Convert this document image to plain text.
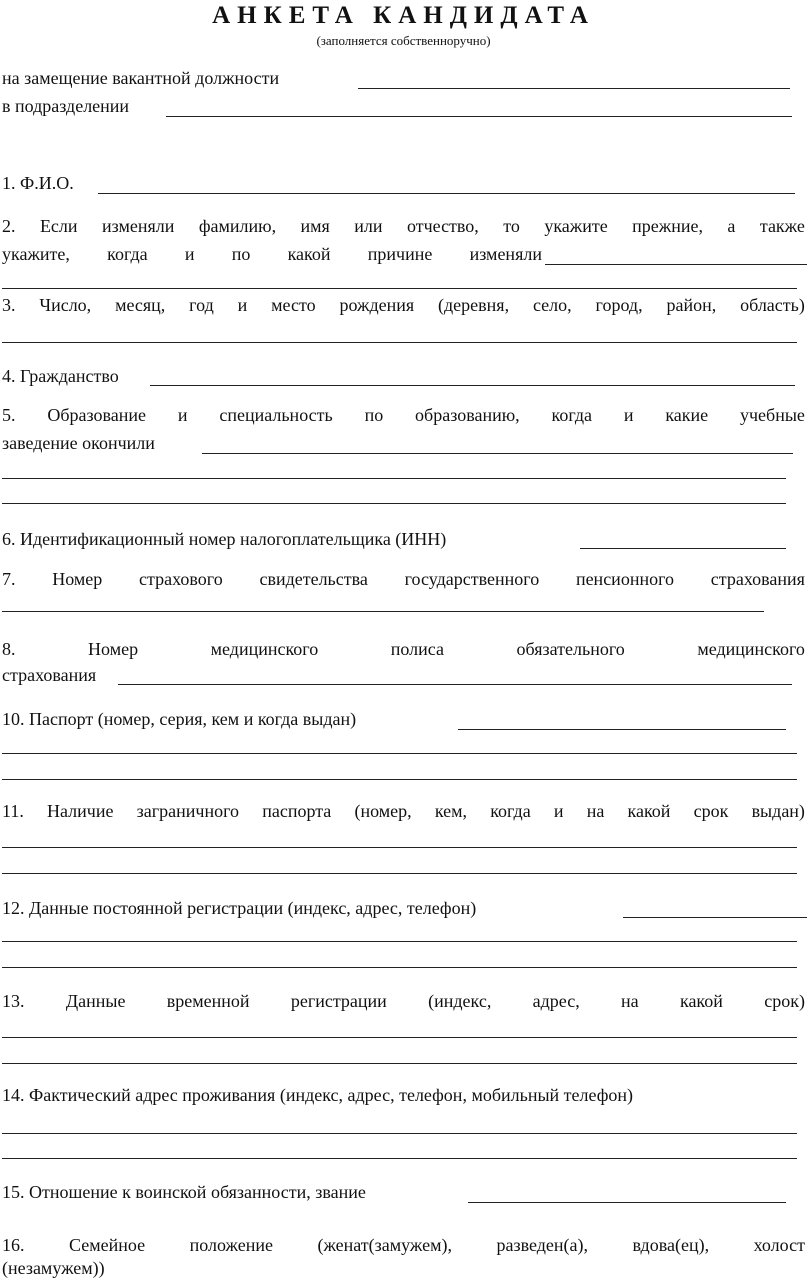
АНКЕТА КАНДИДАТА
(заполняется собственноручно)
на замещение вакантной должности
в подразделении
1. Ф.И.О.
2. Если изменяли фамилию, имя или отчество, то укажите прежние, а также
укажите, когда и по какой причине изменяли
3. Число, месяц, год и место рождения (деревня, село, город, район, область)
4. Гражданство
5. Образование и специальность по образованию, когда и какие учебные
заведение окончили
6. Идентификационный номер налогоплательщика (ИНН)
7. Номер страхового свидетельства государственного пенсионного страхования
8.	Номер	медицинского	полиса	обязательного	медицинского
страхования
10. Паспорт (номер, серия, кем и когда выдан)
11. Наличие заграничного паспорта (номер, кем, когда и на какой срок выдан)
12. Данные постоянной регистрации (индекс, адрес, телефон)
13. Данные временной регистрации (индекс, адрес, на какой срок)
14. Фактический адрес проживания (индекс, адрес, телефон, мобильный телефон)
15. Отношение к воинской обязанности, звание
16. Семейное положение (женат(замужем), разведен(а), вдова(ец), холост
(незамужем))
